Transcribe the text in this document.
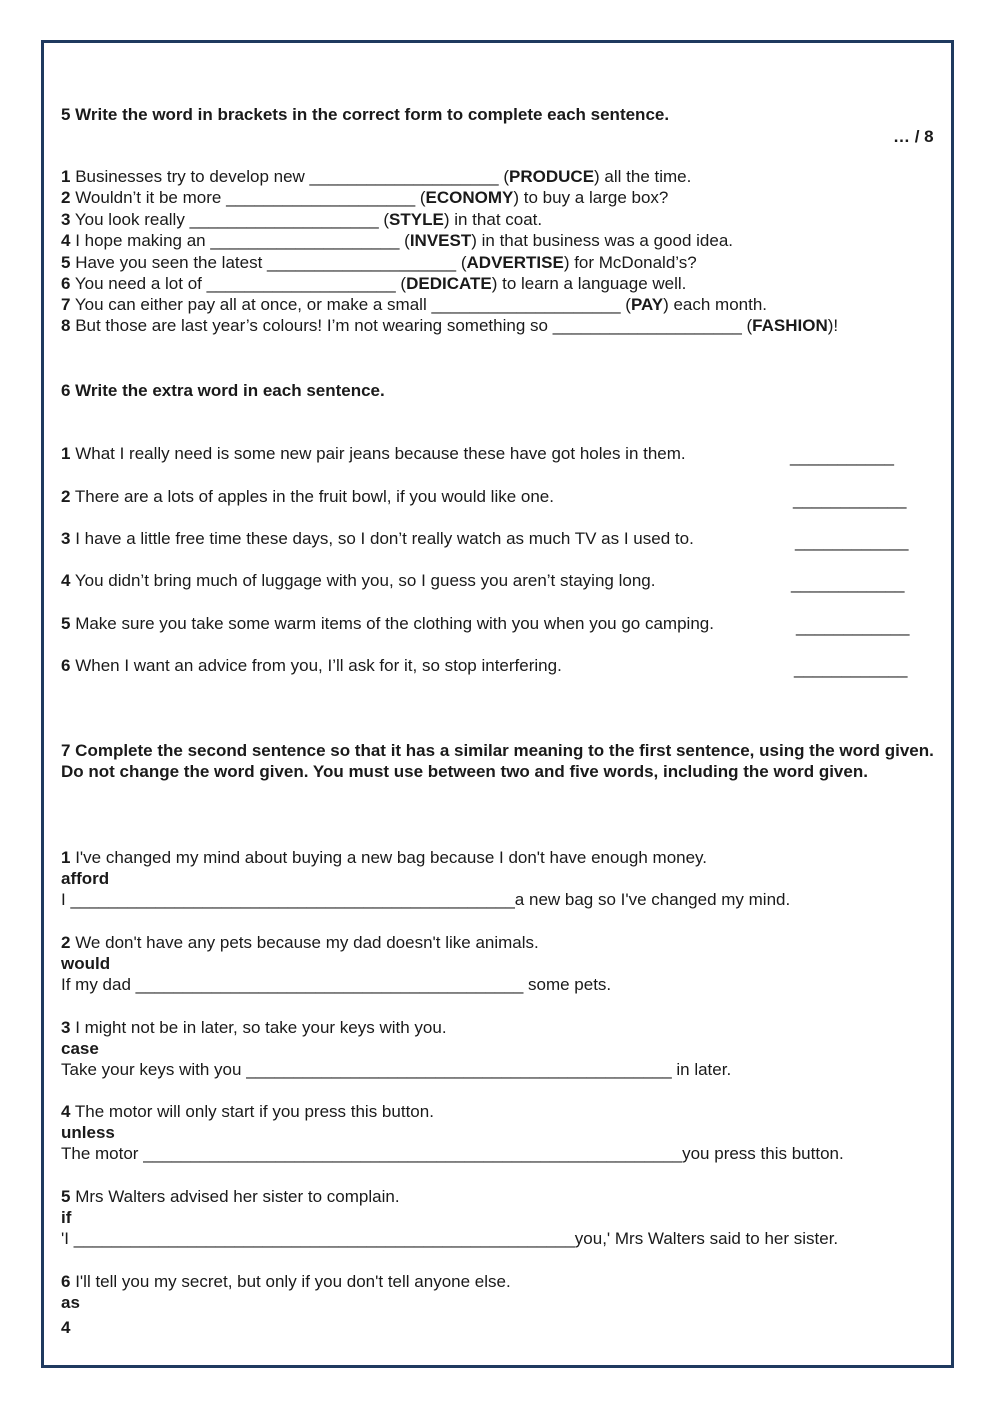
5 Write the word in brackets in the correct form to complete each sentence.
… / 8
1 Businesses try to develop new ____________________ (PRODUCE) all the time.
2 Wouldn’t it be more ____________________ (ECONOMY) to buy a large box?
3 You look really ____________________ (STYLE) in that coat.
4 I hope making an ____________________ (INVEST) in that business was a good idea.
5 Have you seen the latest ____________________ (ADVERTISE) for McDonald’s?
6 You need a lot of ____________________ (DEDICATE) to learn a language well.
7 You can either pay all at once, or make a small ____________________ (PAY) each month.
8 But those are last year’s colours! I’m not wearing something so ____________________ (FASHION)!
6 Write the extra word in each sentence.
1 What I really need is some new pair jeans because these have got holes in them.	___________
2 There are a lots of apples in the fruit bowl, if you would like one.	____________
3 I have a little free time these days, so I don’t really watch as much TV as I used to.	____________
4 You didn’t bring much of luggage with you, so I guess you aren’t staying long.	____________
5 Make sure you take some warm items of the clothing with you when you go camping.	____________
6 When I want an advice from you, I’ll ask for it, so stop interfering.	____________
7 Complete the second sentence so that it has a similar meaning to the first sentence, using the word given. Do not change the word given. You must use between two and five words, including the word given.
1 I've changed my mind about buying a new bag because I don't have enough money.
afford
I _______________________________________________a new bag so I've changed my mind.
2 We don't have any pets because my dad doesn't like animals.
would
If my dad _________________________________________ some pets.
3 I might not be in later, so take your keys with you.
case
Take your keys with you _____________________________________________ in later.
4 The motor will only start if you press this button.
unless
The motor _________________________________________________________you press this button.
5 Mrs Walters advised her sister to complain.
if
'I _____________________________________________________you,' Mrs Walters said to her sister.
6 I'll tell you my secret, but only if you don't tell anyone else.
as
4
